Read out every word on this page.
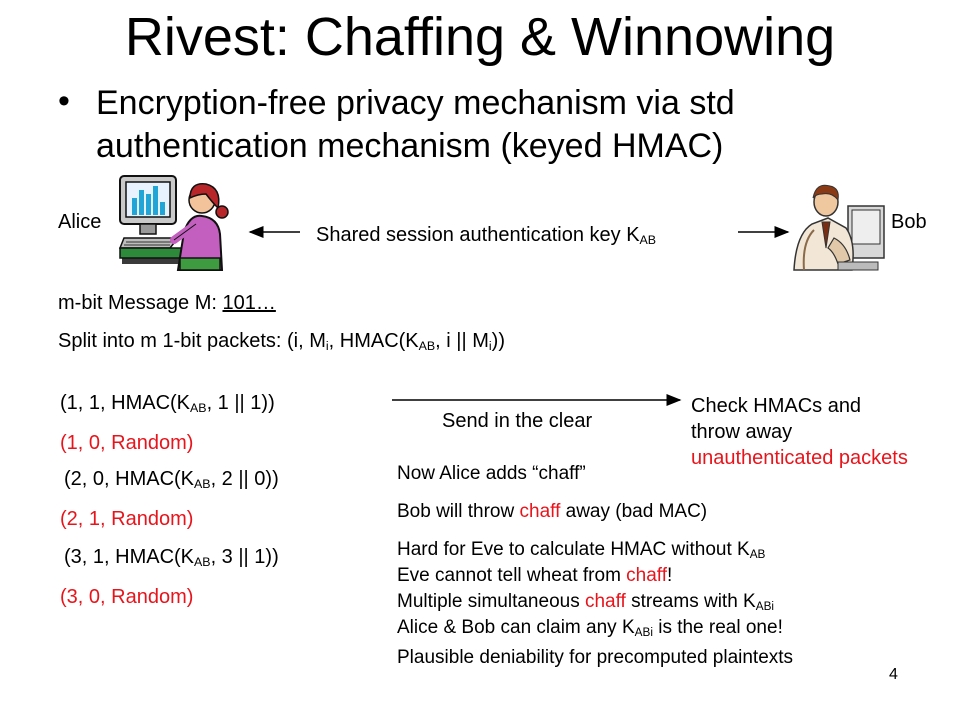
Rivest: Chaffing & Winnowing
• Encryption-free privacy mechanism via std
authentication mechanism (keyed HMAC)
Alice	Bob
Shared session authentication key $K_{AB}$
m-bit Message M: 101…
Split into m 1-bit packets: (i, $M_i$, $HMAC(K_{AB}$, i || $M_i$))
(1, 1, $HMAC(K_{AB}$, 1 || 1))
(1, 0, Random)
(2, 0, $HMAC(K_{AB}$, 2 || 0))
(2, 1, Random)
(3, 1, $HMAC(K_{AB}$, 3 || 1))
(3, 0, Random)
Send in the clear
Check HMACs and
throw away
unauthenticated packets
Now Alice adds “chaff”
Bob will throw chaff away (bad MAC)
Hard for Eve to calculate HMAC without $K_{AB}$
Eve cannot tell wheat from chaff!
Multiple simultaneous chaff streams with $K_{ABi}$
Alice & Bob can claim any $K_{ABi}$ is the real one!
Plausible deniability for precomputed plaintexts
4
